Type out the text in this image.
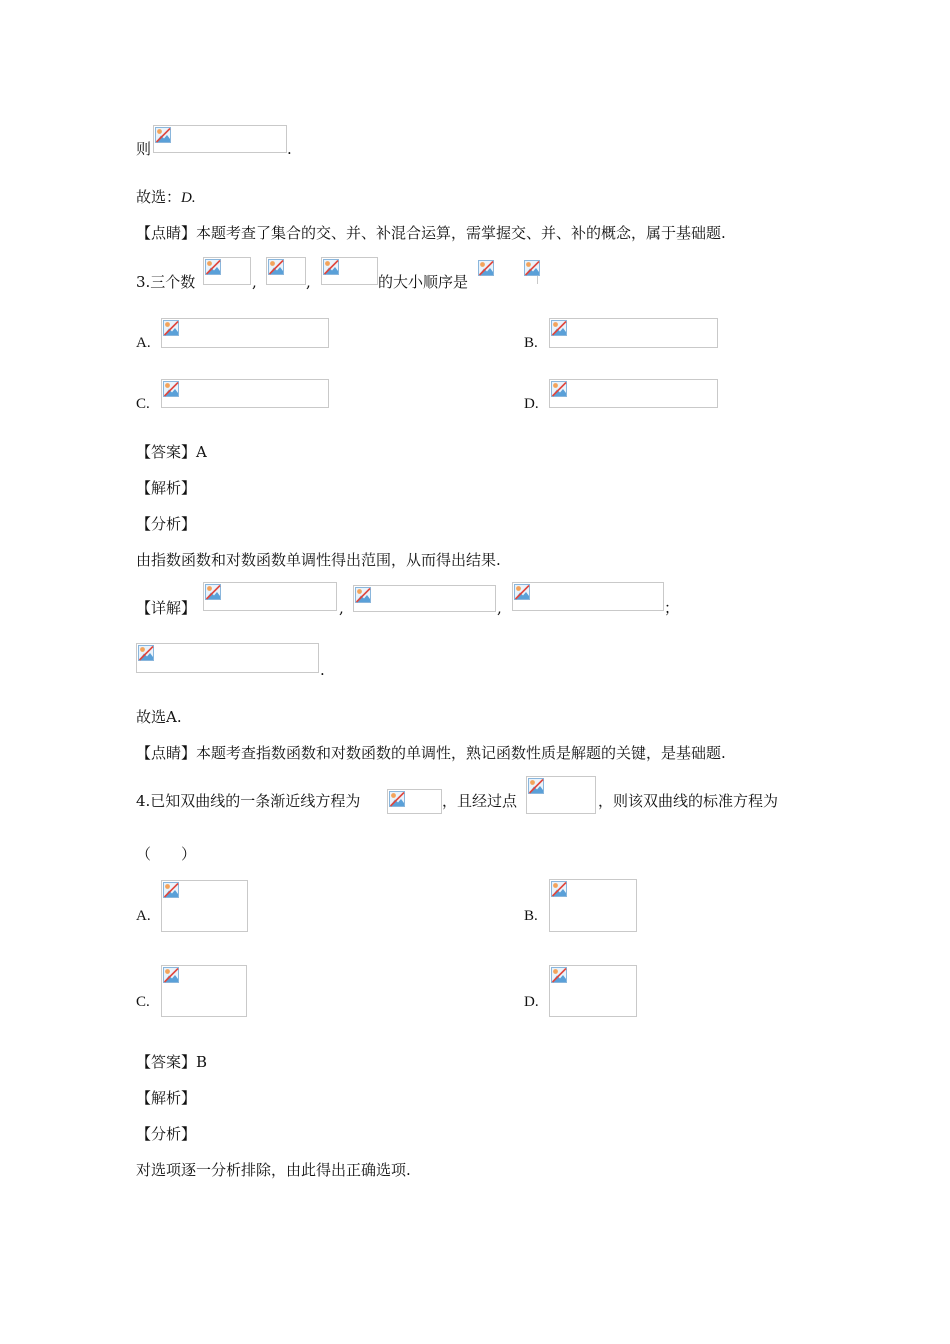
则	.
故选：D.
【点睛】本题考查了集合的交、并、补混合运算，需掌握交、并、补的概念，属于基础题.
3.三个数	,	,	的大小顺序是
A.	B.
C.	D.
【答案】A
【解析】
【分析】
由指数函数和对数函数单调性得出范围，从而得出结果.
【详解】	,	,	；
.
故选A.
【点睛】本题考查指数函数和对数函数的单调性，熟记函数性质是解题的关键，是基础题.
4.已知双曲线的一条渐近线方程为	，且经过点	，则该双曲线的标准方程为
（　　）
A.	B.
C.	D.
【答案】B
【解析】
【分析】
对选项逐一分析排除，由此得出正确选项.
